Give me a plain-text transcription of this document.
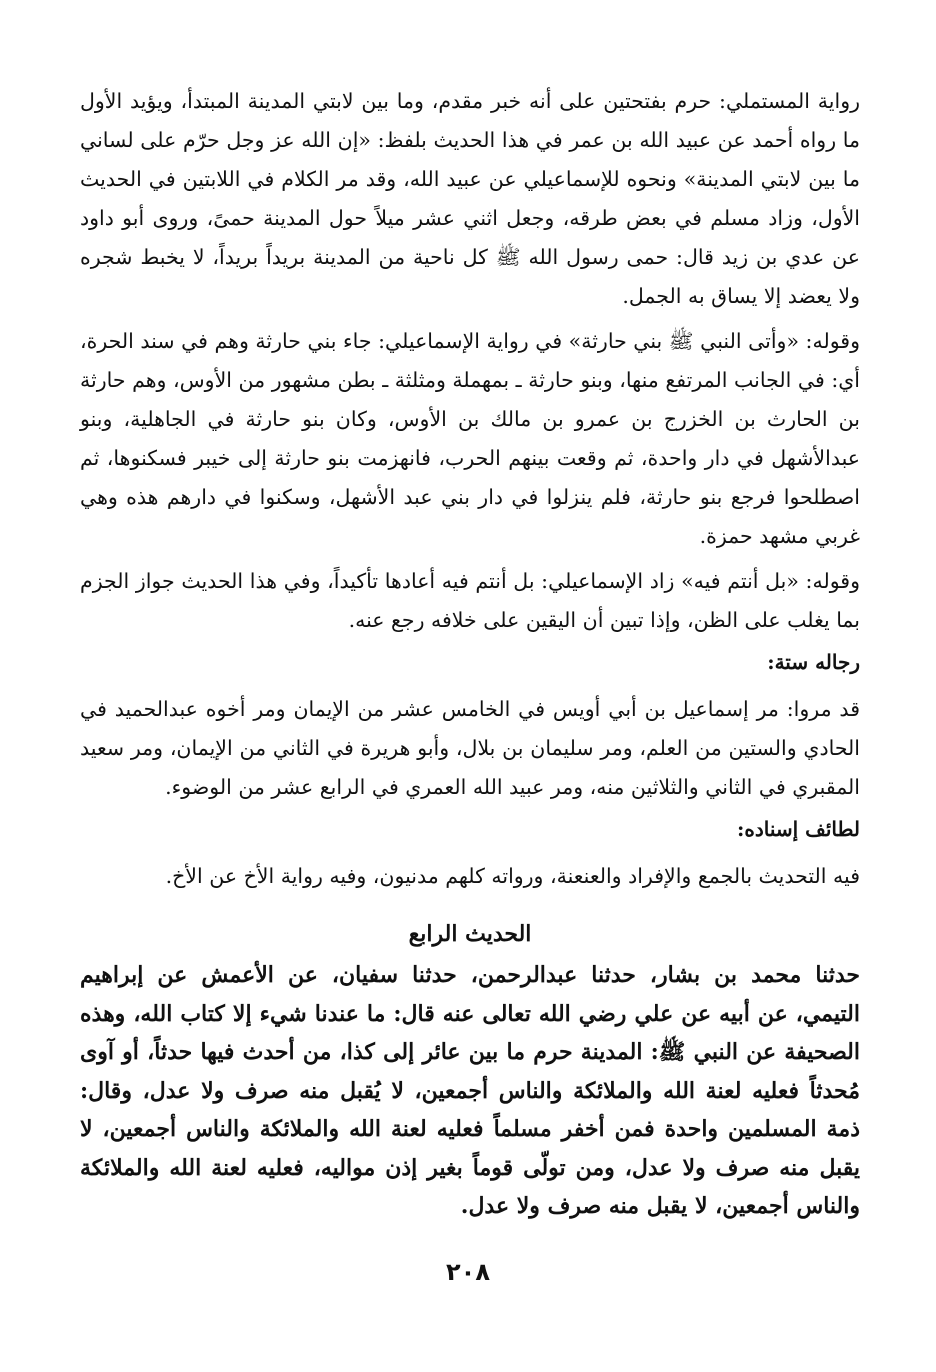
رواية المستملي: حرم بفتحتين على أنه خبر مقدم، وما بين لابتي المدينة المبتدأ، ويؤيد الأول ما رواه أحمد عن عبيد الله بن عمر في هذا الحديث بلفظ: «إن الله عز وجل حرّم على لساني ما بين لابتي المدينة» ونحوه للإسماعيلي عن عبيد الله، وقد مر الكلام في اللابتين في الحديث الأول، وزاد مسلم في بعض طرقه، وجعل اثني عشر ميلاً حول المدينة حمىً، وروى أبو داود عن عدي بن زيد قال: حمى رسول الله ﷺ كل ناحية من المدينة بريداً بريداً، لا يخبط شجره ولا يعضد إلا يساق به الجمل.

وقوله: «وأتى النبي ﷺ بني حارثة» في رواية الإسماعيلي: جاء بني حارثة وهم في سند الحرة، أي: في الجانب المرتفع منها، وبنو حارثة ـ بمهملة ومثلثة ـ بطن مشهور من الأوس، وهم حارثة بن الحارث بن الخزرج بن عمرو بن مالك بن الأوس، وكان بنو حارثة في الجاهلية، وبنو عبدالأشهل في دار واحدة، ثم وقعت بينهم الحرب، فانهزمت بنو حارثة إلى خيبر فسكنوها، ثم اصطلحوا فرجع بنو حارثة، فلم ينزلوا في دار بني عبد الأشهل، وسكنوا في دارهم هذه وهي غربي مشهد حمزة.

وقوله: «بل أنتم فيه» زاد الإسماعيلي: بل أنتم فيه أعادها تأكيداً، وفي هذا الحديث جواز الجزم بما يغلب على الظن، وإذا تبين أن اليقين على خلافه رجع عنه.

رجاله ستة:

قد مروا: مر إسماعيل بن أبي أويس في الخامس عشر من الإيمان ومر أخوه عبدالحميد في الحادي والستين من العلم، ومر سليمان بن بلال، وأبو هريرة في الثاني من الإيمان، ومر سعيد المقبري في الثاني والثلاثين منه، ومر عبيد الله العمري في الرابع عشر من الوضوء.

لطائف إسناده:

فيه التحديث بالجمع والإفراد والعنعنة، ورواته كلهم مدنيون، وفيه رواية الأخ عن الأخ.

الحديث الرابع

حدثنا محمد بن بشار، حدثنا عبدالرحمن، حدثنا سفيان، عن الأعمش عن إبراهيم التيمي، عن أبيه عن علي رضي الله تعالى عنه قال: ما عندنا شيء إلا كتاب الله، وهذه الصحيفة عن النبي ﷺ: المدينة حرم ما بين عائر إلى كذا، من أحدث فيها حدثاً، أو آوى مُحدثاً فعليه لعنة الله والملائكة والناس أجمعين، لا يُقبل منه صرف ولا عدل، وقال: ذمة المسلمين واحدة فمن أخفر مسلماً فعليه لعنة الله والملائكة والناس أجمعين، لا يقبل منه صرف ولا عدل، ومن تولّى قوماً بغير إذن مواليه، فعليه لعنة الله والملائكة والناس أجمعين، لا يقبل منه صرف ولا عدل.

٢٠٨
